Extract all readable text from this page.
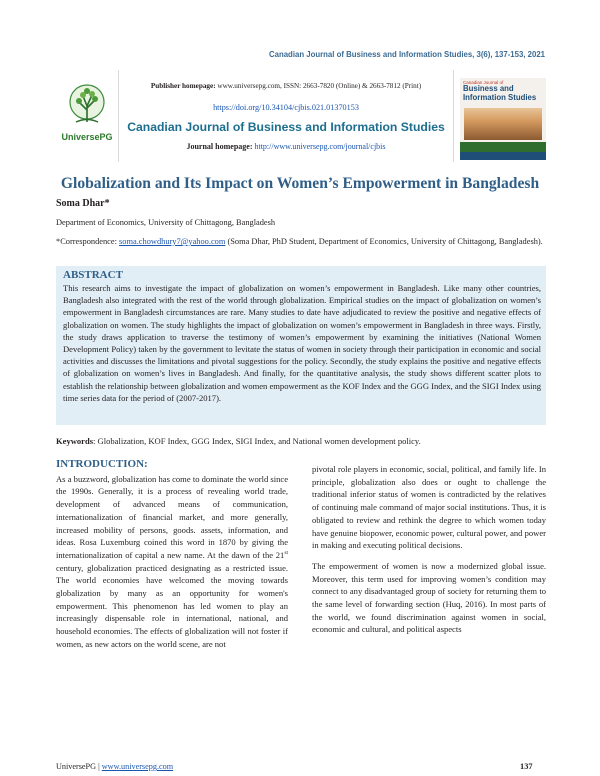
Canadian Journal of Business and Information Studies, 3(6), 137-153, 2021
UniversePG
Publisher homepage: www.universepg.com, ISSN: 2663-7820 (Online) & 2663-7812 (Print)
https://doi.org/10.34104/cjbis.021.01370153
Canadian Journal of Business and Information Studies
Journal homepage: http://www.universepg.com/journal/cjbis
Canadian Journal of
Business and
Information Studies
Globalization and Its Impact on Women’s Empowerment in Bangladesh
Soma Dhar*
Department of Economics, University of Chittagong, Bangladesh
*Correspondence: soma.chowdhury7@yahoo.com (Soma Dhar, PhD Student, Department of Economics, University of Chittagong, Bangladesh).
ABSTRACT
This research aims to investigate the impact of globalization on women’s empowerment in Bangladesh. Like many other countries, Bangladesh also integrated with the rest of the world through globalization. Empirical studies on the impact of globalization on women’s empowerment in Bangladesh circumstances are rare. Many studies to date have adjudicated to review the positive and negative effects of globalization on women. The study highlights the impact of globalization on women’s empowerment in Bangladesh in three ways. Firstly, the study draws application to traverse the testimony of women’s empowerment by examining the initiatives (National Women Development Policy) taken by the government to levitate the status of women in society through their participation in economic and social activities and discusses the limitations and pivotal suggestions for the policy. Secondly, the study explains the positive and negative effects of globalization on women’s lives in Bangladesh. And finally, for the quantitative analysis, the study shows different scatter plots to establish the relationship between globalization and women empowerment as the KOF Index and the GGG Index, and the SIGI Index using time series data for the period of (2007-2017).
Keywords: Globalization, KOF Index, GGG Index, SIGI Index, and National women development policy.
INTRODUCTION:
As a buzzword, globalization has come to dominate the world since the 1990s. Generally, it is a process of revealing world trade, development of advanced means of communication, internationalization of financial market, and more generally, increased mobility of persons, goods. assets, information, and ideas. Rosa Luxemburg coined this word in 1870 by giving the internationalization of capital a new name. At the dawn of the 21st century, globalization practiced designating as a restricted issue. The world economies have welcomed the moving towards globalization by many as an opportunity for women's empowerment. This phenomenon has led women to play an increasingly dispensable role in international, national, and household economies. The effects of globalization will not foster if women, as new actors on the world scene, are not
pivotal role players in economic, social, political, and family life. In principle, globalization also does or ought to challenge the traditional inferior status of women is contradicted by the relatives of continuing male command of major social institutions. Thus, it is obligated to review and rethink the degree to which women today have genuine biopower, economic power, cultural power, and power in making and executing political decisions.
The empowerment of women is now a modernized global issue. Moreover, this term used for improving women’s condition may connect to any disadvantaged group of society for returning them to the same level of forwarding section (Huq, 2016). In most parts of the world, we found discrimination against women in social, economic and cultural, and political aspects
UniversePG | www.universepg.com	137
